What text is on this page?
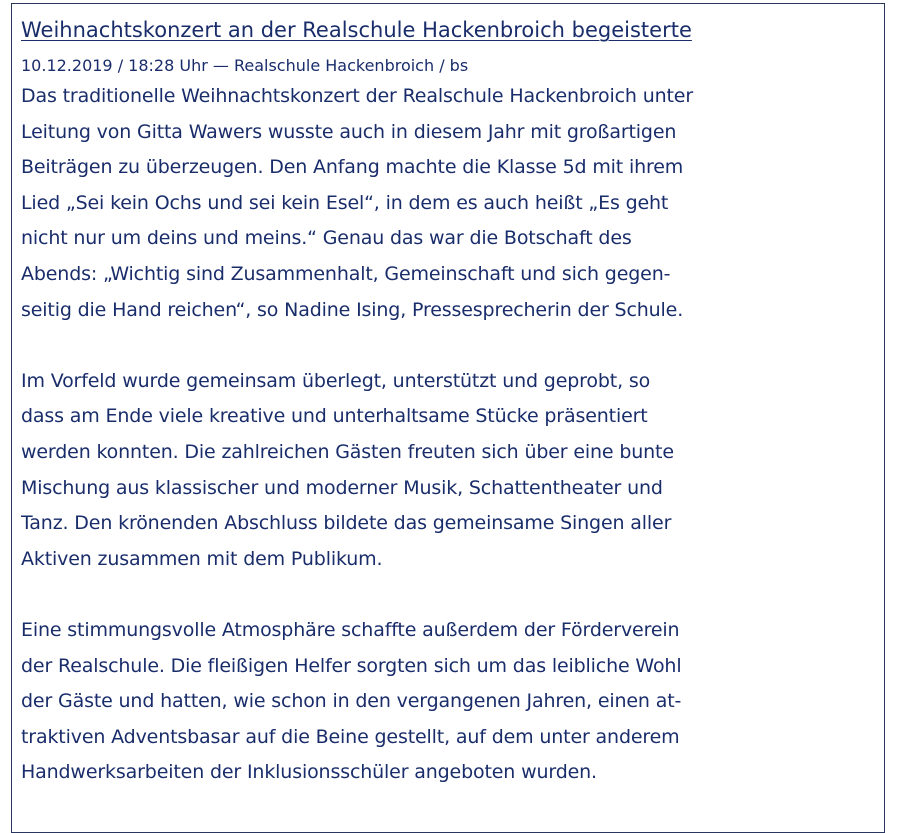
Weihnachtskonzert an der Realschule Hackenbroich begeisterte
10.12.2019 / 18:28 Uhr — Realschule Hackenbroich / bs

Das traditionelle Weihnachtskonzert der Realschule Hackenbroich unter
Leitung von Gitta Wawers wusste auch in diesem Jahr mit großartigen
Beiträgen zu überzeugen. Den Anfang machte die Klasse 5d mit ihrem
Lied „Sei kein Ochs und sei kein Esel“, in dem es auch heißt „Es geht
nicht nur um deins und meins.“ Genau das war die Botschaft des
Abends: „Wichtig sind Zusammenhalt, Gemeinschaft und sich gegen-
seitig die Hand reichen“, so Nadine Ising, Pressesprecherin der Schule.

Im Vorfeld wurde gemeinsam überlegt, unterstützt und geprobt, so
dass am Ende viele kreative und unterhaltsame Stücke präsentiert
werden konnten. Die zahlreichen Gästen freuten sich über eine bunte
Mischung aus klassischer und moderner Musik, Schattentheater und
Tanz. Den krönenden Abschluss bildete das gemeinsame Singen aller
Aktiven zusammen mit dem Publikum.

Eine stimmungsvolle Atmosphäre schaffte außerdem der Förderverein
der Realschule. Die fleißigen Helfer sorgten sich um das leibliche Wohl
der Gäste und hatten, wie schon in den vergangenen Jahren, einen at-
traktiven Adventsbasar auf die Beine gestellt, auf dem unter anderem
Handwerksarbeiten der Inklusionsschüler angeboten wurden.
